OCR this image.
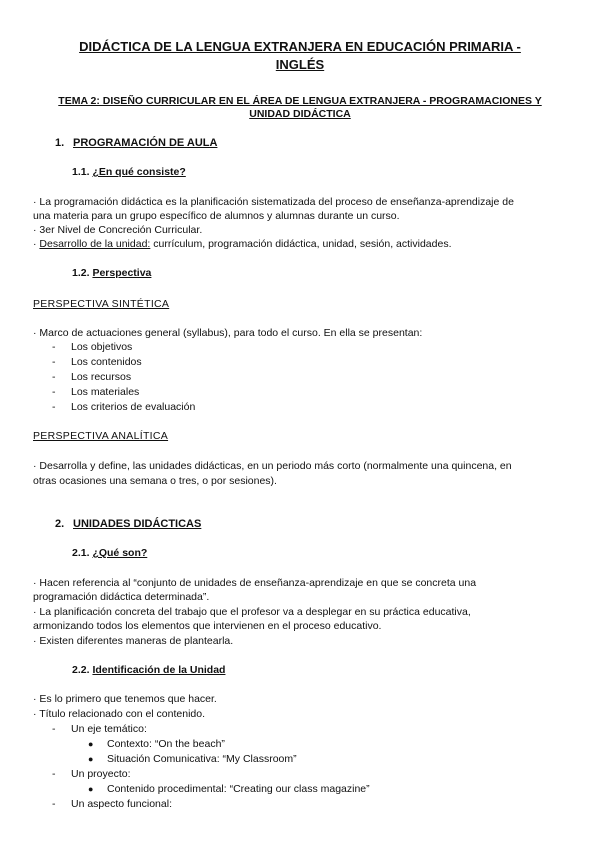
DIDÁCTICA DE LA LENGUA EXTRANJERA EN EDUCACIÓN PRIMARIA -
INGLÉS
TEMA 2: DISEÑO CURRICULAR EN EL ÁREA DE LENGUA EXTRANJERA - PROGRAMACIONES Y
UNIDAD DIDÁCTICA
1. PROGRAMACIÓN DE AULA
1.1. ¿En qué consiste?
· La programación didáctica es la planificación sistematizada del proceso de enseñanza-aprendizaje de
una materia para un grupo específico de alumnos y alumnas durante un curso.
· 3er Nivel de Concreción Curricular.
· Desarrollo de la unidad: currículum, programación didáctica, unidad, sesión, actividades.
1.2. Perspectiva
PERSPECTIVA SINTÉTICA
· Marco de actuaciones general (syllabus), para todo el curso. En ella se presentan:
- Los objetivos
- Los contenidos
- Los recursos
- Los materiales
- Los criterios de evaluación
PERSPECTIVA ANALÍTICA
· Desarrolla y define, las unidades didácticas, en un periodo más corto (normalmente una quincena, en
otras ocasiones una semana o tres, o por sesiones).
2. UNIDADES DIDÁCTICAS
2.1. ¿Qué son?
· Hacen referencia al “conjunto de unidades de enseñanza-aprendizaje en que se concreta una
programación didáctica determinada”.
· La planificación concreta del trabajo que el profesor va a desplegar en su práctica educativa,
armonizando todos los elementos que intervienen en el proceso educativo.
· Existen diferentes maneras de plantearla.
2.2. Identificación de la Unidad
· Es lo primero que tenemos que hacer.
· Título relacionado con el contenido.
- Un eje temático:
● Contexto: “On the beach”
● Situación Comunicativa: “My Classroom”
- Un proyecto:
● Contenido procedimental: “Creating our class magazine”
- Un aspecto funcional:
